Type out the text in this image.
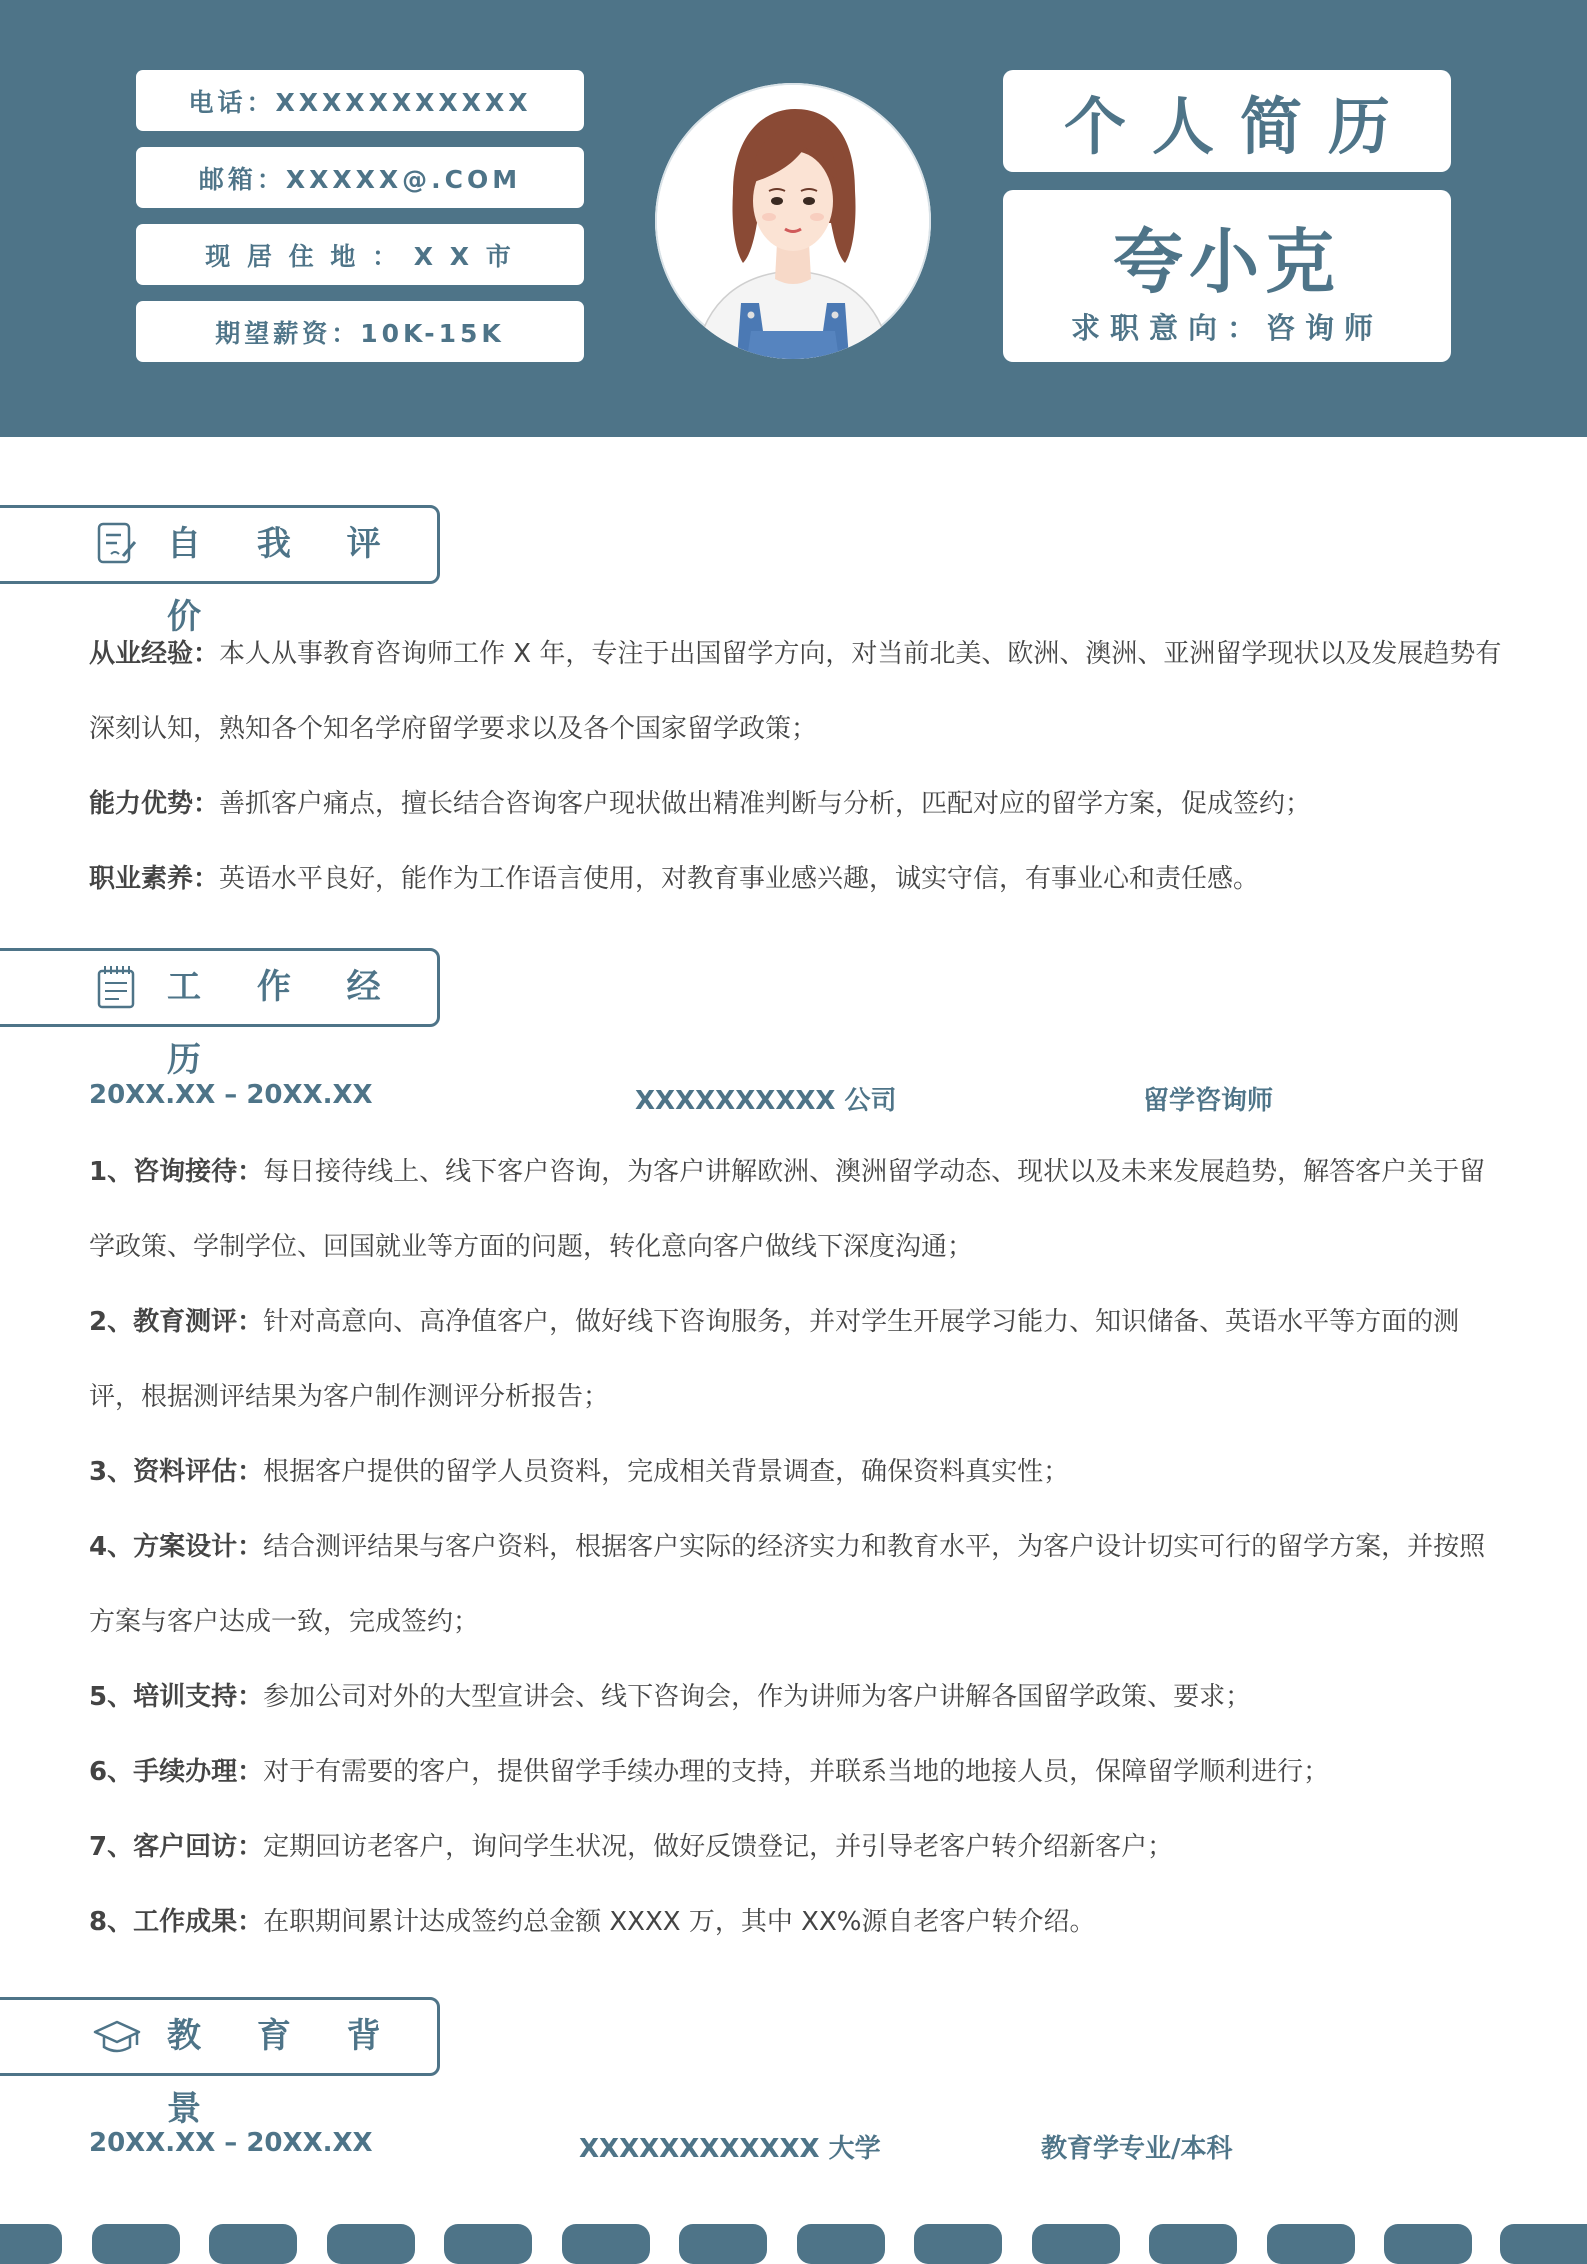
电话：XXXXXXXXXXX
邮箱：XXXXX@.COM
现 居 住 地 ： X X 市
期望薪资：10K-15K
个人简历
夸小克
求职意向：咨询师
自 我 评 价
从业经验：本人从事教育咨询师工作 X 年，专注于出国留学方向，对当前北美、欧洲、澳洲、亚洲留学现状以及发展趋势有深刻认知，熟知各个知名学府留学要求以及各个国家留学政策；
能力优势：善抓客户痛点，擅长结合咨询客户现状做出精准判断与分析，匹配对应的留学方案，促成签约；
职业素养：英语水平良好，能作为工作语言使用，对教育事业感兴趣，诚实守信，有事业心和责任感。
工 作 经 历
20XX.XX – 20XX.XX	XXXXXXXXXX 公司	留学咨询师
1、咨询接待：每日接待线上、线下客户咨询，为客户讲解欧洲、澳洲留学动态、现状以及未来发展趋势，解答客户关于留学政策、学制学位、回国就业等方面的问题，转化意向客户做线下深度沟通；
2、教育测评：针对高意向、高净值客户，做好线下咨询服务，并对学生开展学习能力、知识储备、英语水平等方面的测评，根据测评结果为客户制作测评分析报告；
3、资料评估：根据客户提供的留学人员资料，完成相关背景调查，确保资料真实性；
4、方案设计：结合测评结果与客户资料，根据客户实际的经济实力和教育水平，为客户设计切实可行的留学方案，并按照方案与客户达成一致，完成签约；
5、培训支持：参加公司对外的大型宣讲会、线下咨询会，作为讲师为客户讲解各国留学政策、要求；
6、手续办理：对于有需要的客户，提供留学手续办理的支持，并联系当地的地接人员，保障留学顺利进行；
7、客户回访：定期回访老客户，询问学生状况，做好反馈登记，并引导老客户转介绍新客户；
8、工作成果：在职期间累计达成签约总金额 XXXX 万，其中 XX%源自老客户转介绍。
教 育 背 景
20XX.XX – 20XX.XX	XXXXXXXXXXXX 大学	教育学专业/本科
